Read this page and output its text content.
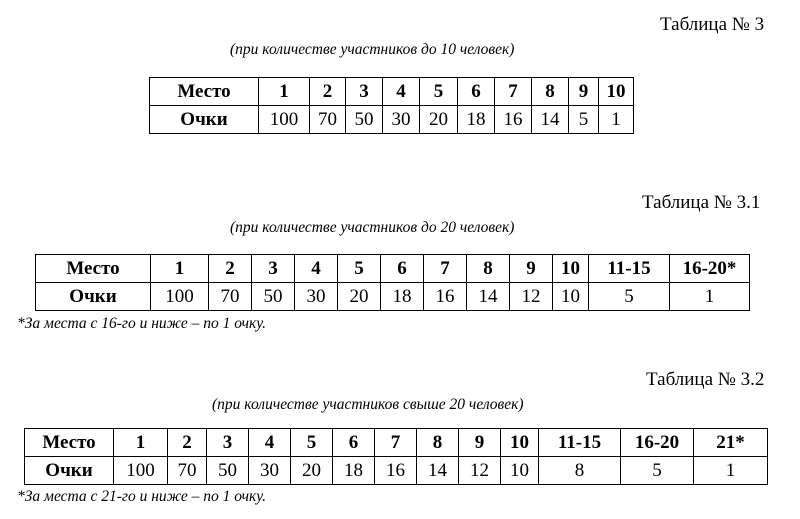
Таблица № 3
(при количестве участников до 10 человек)
Место	1	2	3	4	5	6	7	8	9	10
Очки	100	70	50	30	20	18	16	14	5	1
Таблица № 3.1
(при количестве участников до 20 человек)
Место	1	2	3	4	5	6	7	8	9	10	11-15	16-20*
Очки	100	70	50	30	20	18	16	14	12	10	5	1
*За места с 16-го и ниже – по 1 очку.
Таблица № 3.2
(при количестве участников свыше 20 человек)
Место	1	2	3	4	5	6	7	8	9	10	11-15	16-20	21*
Очки	100	70	50	30	20	18	16	14	12	10	8	5	1
*За места с 21-го и ниже – по 1 очку.
